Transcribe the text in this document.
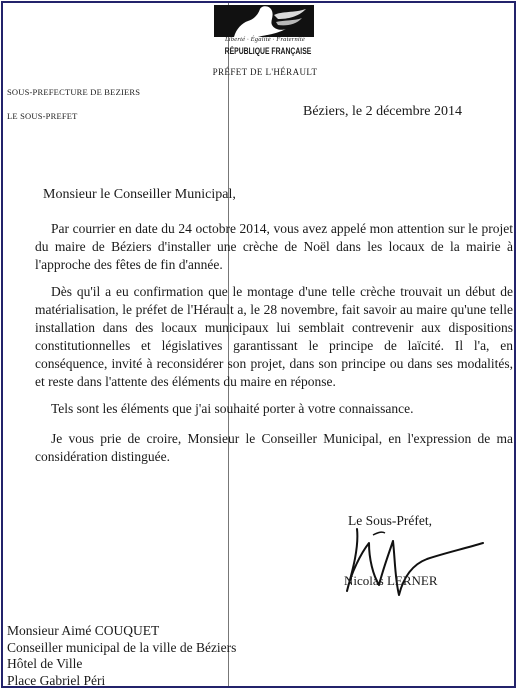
Liberté · Égalité · Fraternité
RÉPUBLIQUE FRANÇAISE
PRÉFET DE L'HÉRAULT
SOUS-PREFECTURE DE BEZIERS
LE SOUS-PREFET	Béziers, le 2 décembre 2014
Monsieur le Conseiller Municipal,

Par courrier en date du 24 octobre 2014, vous avez appelé mon attention sur le projet du maire de Béziers d'installer une crèche de Noël dans les locaux de la mairie à l'approche des fêtes de fin d'année.

Dès qu'il a eu confirmation que le montage d'une telle crèche trouvait un début de matérialisation, le préfet de l'Hérault a, le 28 novembre, fait savoir au maire qu'une telle installation dans des locaux municipaux lui semblait contrevenir aux dispositions constitutionnelles et législatives garantissant le principe de laïcité. Il l'a, en conséquence, invité à reconsidérer son projet, dans son principe ou dans ses modalités, et reste dans l'attente des éléments du maire en réponse.

Tels sont les éléments que j'ai souhaité porter à votre connaissance.

Je vous prie de croire, Monsieur le Conseiller Municipal, en l'expression de ma considération distinguée.

Le Sous-Préfet,
Nicolas LERNER
Monsieur Aimé COUQUET
Conseiller municipal de la ville de Béziers
Hôtel de Ville
Place Gabriel Péri
